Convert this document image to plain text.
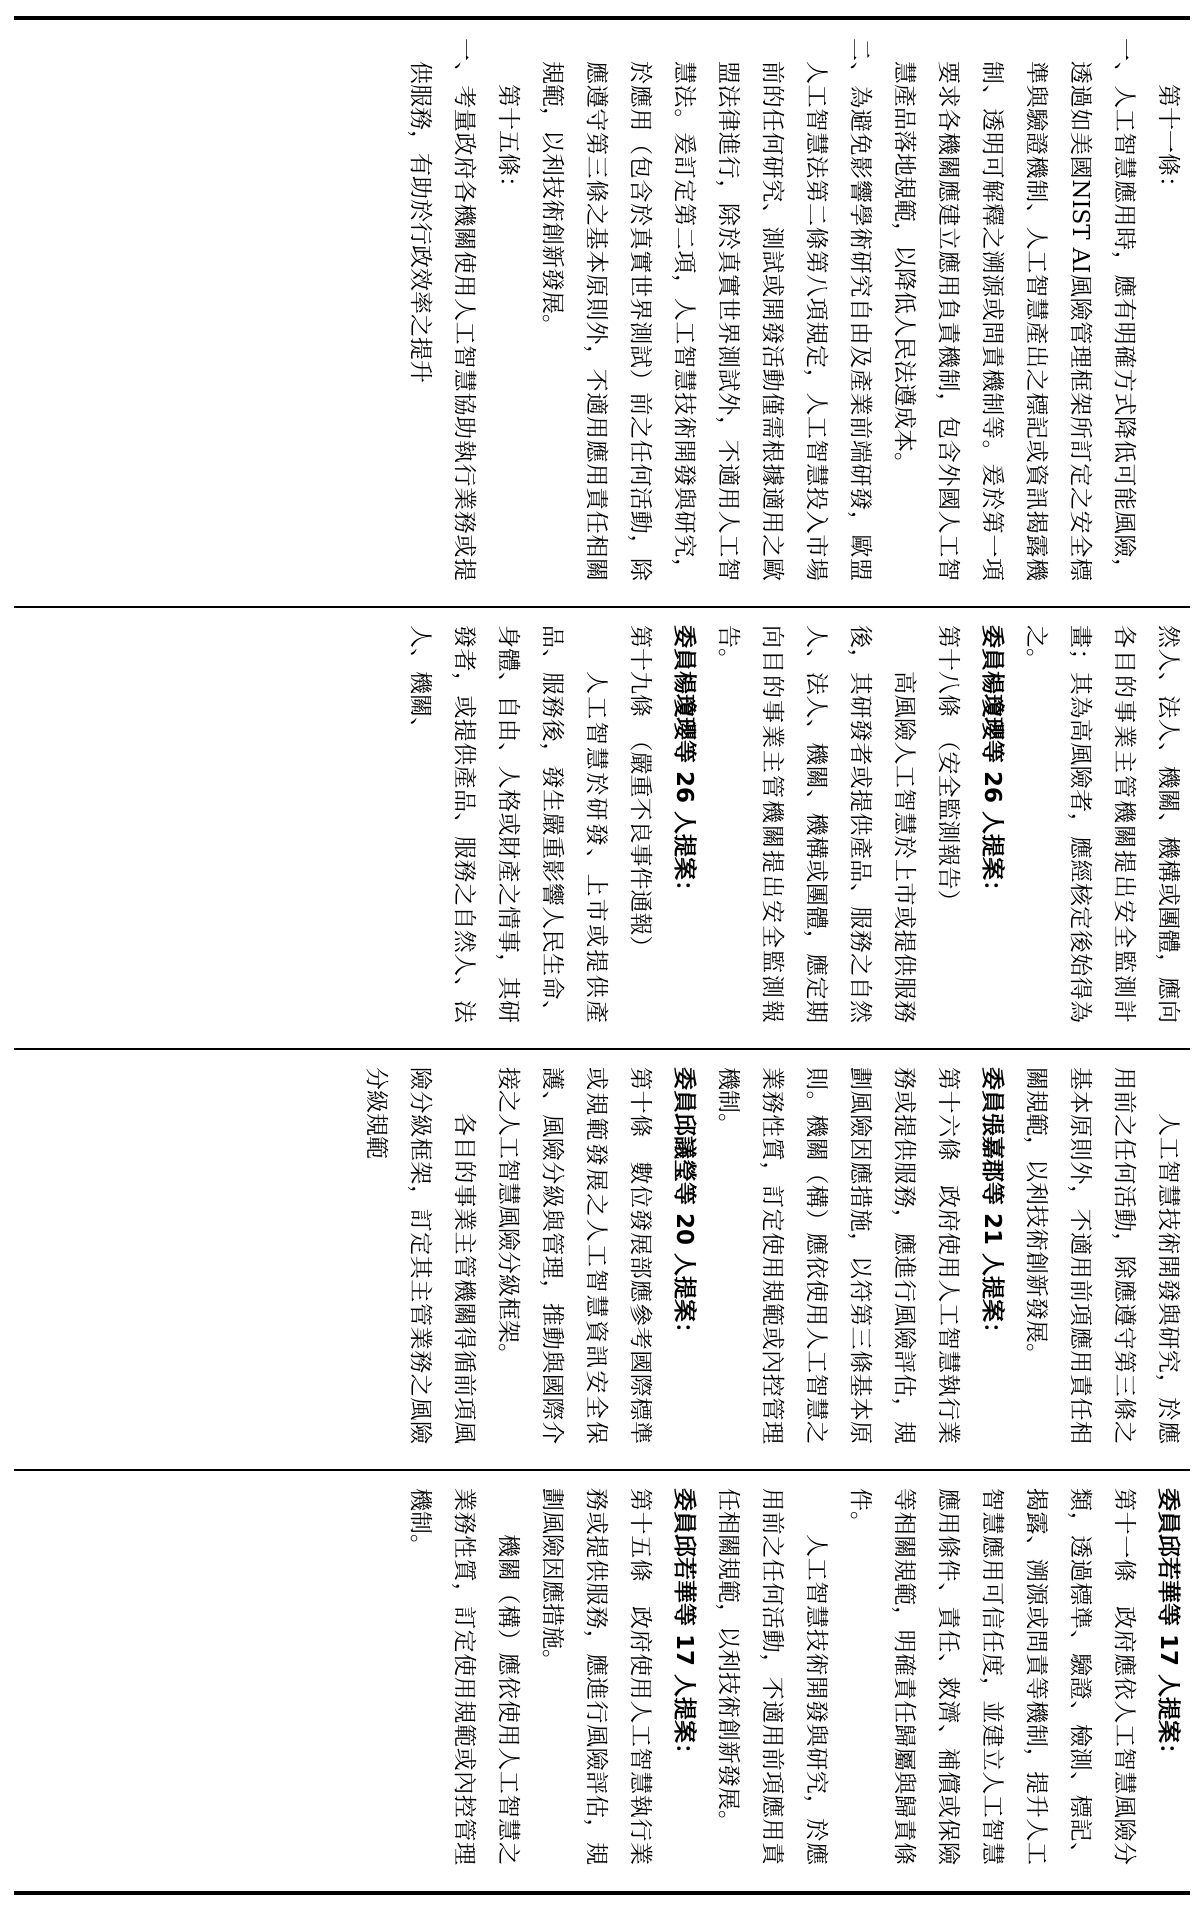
委員邱若華等 17 人提案：

第十一條　政府應依人工智慧風險分類，透過標準、驗證、檢測、標記、揭露、溯源或問責等機制，提升人工智慧應用可信任度，並建立人工智慧應用條件、責任、救濟、補償或保險等相關規範，明確責任歸屬與歸責條件。

人工智慧技術開發與研究，於應用前之任何活動，不適用前項應用責任相關規範，以利技術創新發展。

委員邱若華等 17 人提案：

第十五條　政府使用人工智慧執行業務或提供服務，應進行風險評估，規劃風險因應措施。

機關（構）應依使用人工智慧之業務性質，訂定使用規範或內控管理機制。

人工智慧技術開發與研究，於應用前之任何活動，除應遵守第三條之基本原則外，不適用前項應用責任相關規範，以利技術創新發展。

委員張嘉郡等 21 人提案：

第十六條　政府使用人工智慧執行業務或提供服務，應進行風險評估，規劃風險因應措施，以符第三條基本原則。機關（構）應依使用人工智慧之業務性質，訂定使用規範或內控管理機制。

委員邱議瑩等 20 人提案：

第十條　數位發展部應參考國際標準或規範發展之人工智慧資訊安全保護、風險分級與管理，推動與國際介接之人工智慧風險分級框架。

各目的事業主管機關得循前項風險分級框架，訂定其主管業務之風險分級規範

然人、法人、機關、機構或團體，應向各目的事業主管機關提出安全監測計畫；其為高風險者，應經核定後始得為之。

委員楊瓊瓔等 26 人提案：

第十八條　（安全監測報告）

高風險人工智慧於上市或提供服務後，其研發者或提供產品、服務之自然人、法人、機關、機構或團體，應定期向目的事業主管機關提出安全監測報告。

委員楊瓊瓔等 26 人提案：

第十九條　（嚴重不良事件通報）

人工智慧於研發、上市或提供產品、服務後，發生嚴重影響人民生命、身體、自由、人格或財產之情事，其研發者，或提供產品、服務之自然人、法人、機關、

第十一條：

一、人工智慧應用時，應有明確方式降低可能風險，透過如美國NIST AI風險管理框架所訂定之安全標準與驗證機制、人工智慧產出之標記或資訊揭露機制、透明可解釋之溯源或問責機制等。爰於第一項要求各機關應建立應用負責機制，包含外國人工智慧產品落地規範，以降低人民法遵成本。

二、為避免影響學術研究自由及產業前端研發，歐盟人工智慧法第二條第八項規定，人工智慧投入市場前的任何研究、測試或開發活動僅需根據適用之歐盟法律進行，除於真實世界測試外，不適用人工智慧法。爰訂定第二項，人工智慧技術開發與研究，於應用（包含於真實世界測試）前之任何活動，除應遵守第三條之基本原則外，不適用應用責任相關規範，以利技術創新發展。

第十五條：

一、考量政府各機關使用人工智慧協助執行業務或提供服務，有助於行政效率之提升
